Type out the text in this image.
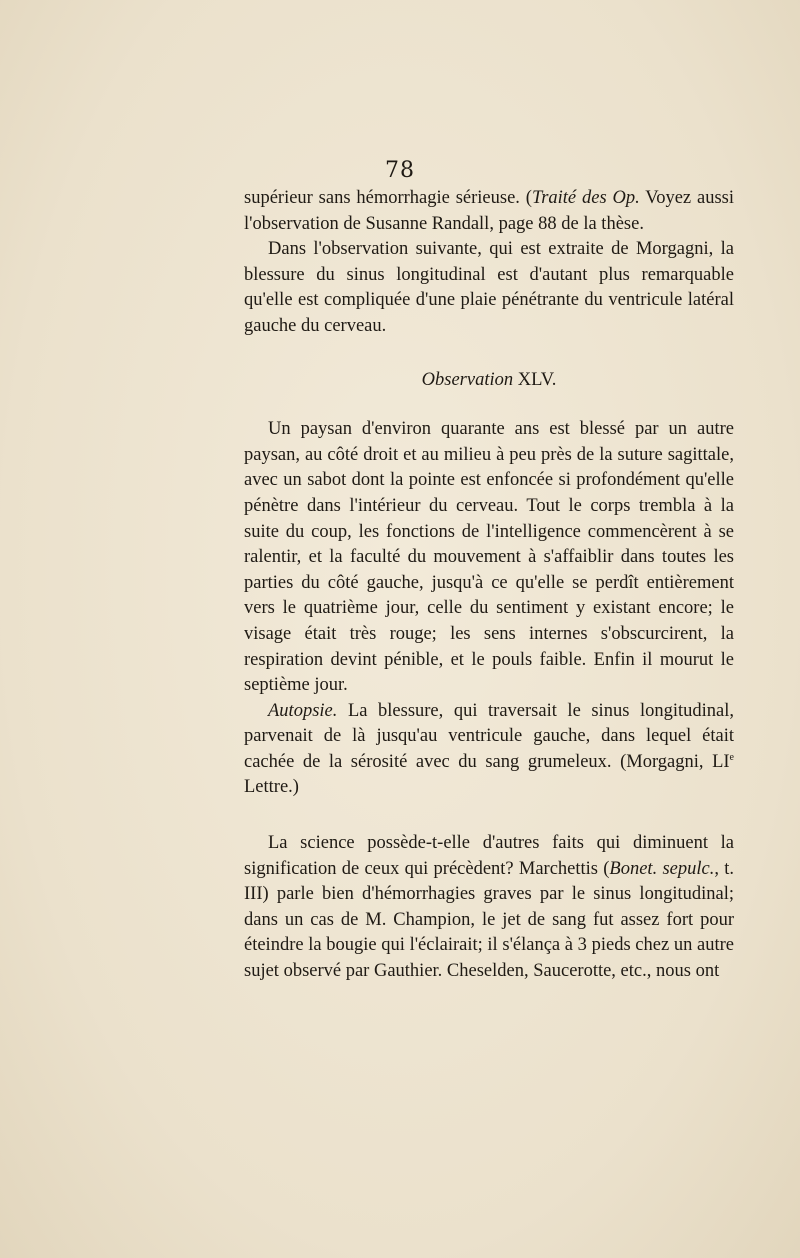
78

supérieur sans hémorrhagie sérieuse. (Traité des Op. Voyez aussi l'observation de Susanne Randall, page 88 de la thèse.

Dans l'observation suivante, qui est extraite de Morgagni, la blessure du sinus longitudinal est d'autant plus remarquable qu'elle est compliquée d'une plaie pénétrante du ventricule latéral gauche du cerveau.

Observation XLV.

Un paysan d'environ quarante ans est blessé par un autre paysan, au côté droit et au milieu à peu près de la suture sagittale, avec un sabot dont la pointe est enfoncée si profondément qu'elle pénètre dans l'intérieur du cerveau. Tout le corps trembla à la suite du coup, les fonctions de l'intelligence commencèrent à se ralentir, et la faculté du mouvement à s'affaiblir dans toutes les parties du côté gauche, jusqu'à ce qu'elle se perdît entièrement vers le quatrième jour, celle du sentiment y existant encore; le visage était très rouge; les sens internes s'obscurcirent, la respiration devint pénible, et le pouls faible. Enfin il mourut le septième jour.

Autopsie. La blessure, qui traversait le sinus longitudinal, parvenait de là jusqu'au ventricule gauche, dans lequel était cachée de la sérosité avec du sang grumeleux. (Morgagni, LIe Lettre.)

La science possède-t-elle d'autres faits qui diminuent la signification de ceux qui précèdent? Marchettis (Bonet. sepulc., t. III) parle bien d'hémorrhagies graves par le sinus longitudinal; dans un cas de M. Champion, le jet de sang fut assez fort pour éteindre la bougie qui l'éclairait; il s'élança à 3 pieds chez un autre sujet observé par Gauthier. Cheselden, Saucerotte, etc., nous ont
